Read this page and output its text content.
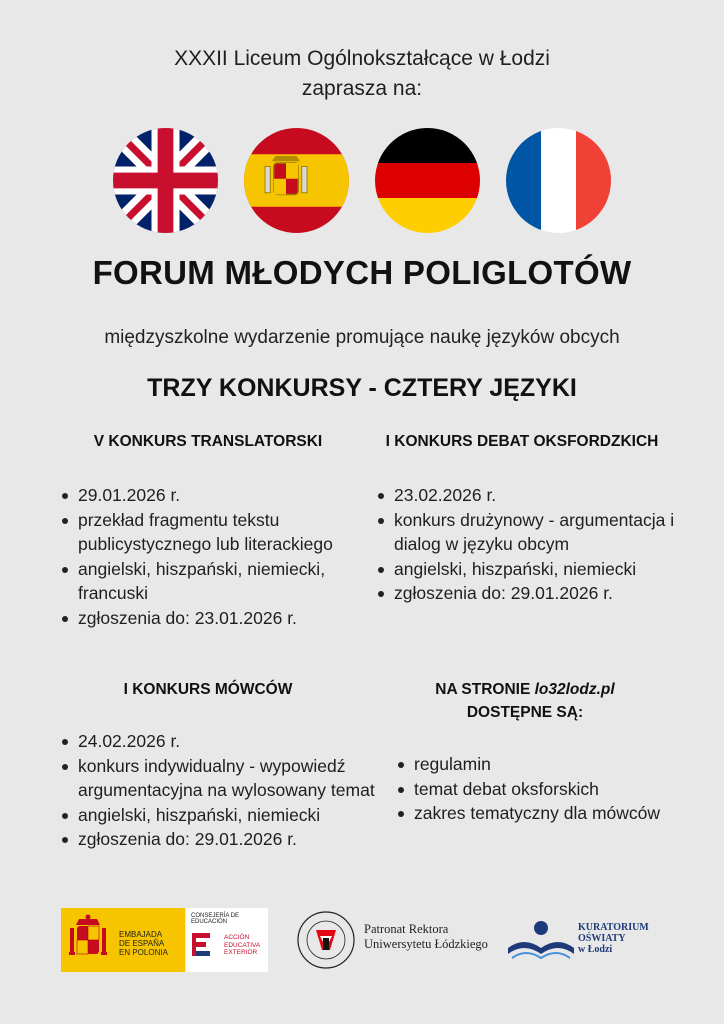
XXXII Liceum Ogólnokształcące w Łodzi
zaprasza na:
FORUM MŁODYCH POLIGLOTÓW
międzyszkolne wydarzenie promujące naukę języków obcych
TRZY KONKURSY - CZTERY JĘZYKI
V KONKURS TRANSLATORSKI
29.01.2026 r.
przekład fragmentu tekstu publicystycznego lub literackiego
angielski, hiszpański, niemiecki, francuski
zgłoszenia do: 23.01.2026 r.
I KONKURS DEBAT OKSFORDZKICH
23.02.2026 r.
konkurs drużynowy - argumentacja i dialog w języku obcym
angielski, hiszpański, niemiecki
zgłoszenia do: 29.01.2026 r.
I KONKURS MÓWCÓW
24.02.2026 r.
konkurs indywidualny - wypowiedź argumentacyjna na wylosowany temat
angielski, hiszpański, niemiecki
zgłoszenia do: 29.01.2026 r.
NA STRONIE lo32lodz.pl
DOSTĘPNE SĄ:
regulamin
temat debat oksforskich
zakres tematyczny dla mówców
EMBAJADA
DE ESPAÑA
EN POLONIA
CONSEJERÍA DE EDUCACIÓN
ACCIÓN
EDUCATIVA
EXTERIOR
Patronat Rektora
Uniwersytetu Łódzkiego
KURATORIUM
OŚWIATY
w Łodzi
